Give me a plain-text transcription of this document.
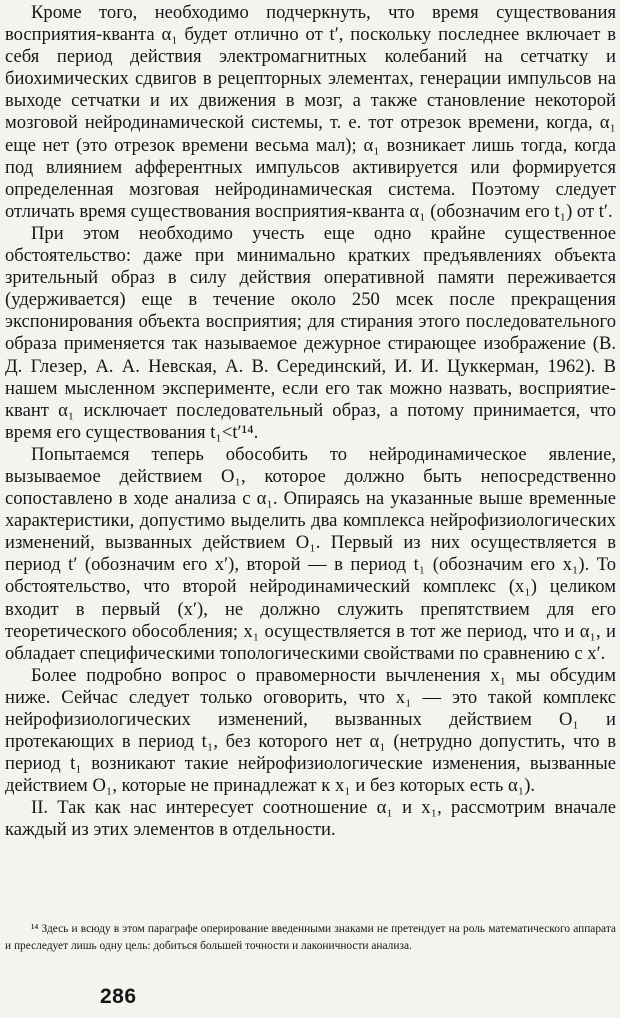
Кроме того, необходимо подчеркнуть, что время существования восприятия-кванта α₁ будет отлично от t′, поскольку последнее включает в себя период действия электромагнитных колебаний на сетчатку и биохимических сдвигов в рецепторных элементах, генерации импульсов на выходе сетчатки и их движения в мозг, а также становление некоторой мозговой нейродинамической системы, т. е. тот отрезок времени, когда, α₁ еще нет (это отрезок времени весьма мал); α₁ возникает лишь тогда, когда под влиянием афферентных импульсов активируется или формируется определенная мозговая нейродинамическая система. Поэтому следует отличать время существования восприятия-кванта α₁ (обозначим его t₁) от t′.

При этом необходимо учесть еще одно крайне существенное обстоятельство: даже при минимально кратких предъявлениях объекта зрительный образ в силу действия оперативной памяти переживается (удерживается) еще в течение около 250 мсек после прекращения экспонирования объекта восприятия; для стирания этого последовательного образа применяется так называемое дежурное стирающее изображение (В. Д. Глезер, А. А. Невская, А. В. Серединский, И. И. Цуккерман, 1962). В нашем мысленном эксперименте, если его так можно назвать, восприятие-квант α₁ исключает последовательный образ, а потому принимается, что время его существования t₁<t′¹⁴.

Попытаемся теперь обособить то нейродинамическое явление, вызываемое действием O₁, которое должно быть непосредственно сопоставлено в ходе анализа с α₁. Опираясь на указанные выше временные характеристики, допустимо выделить два комплекса нейрофизиологических изменений, вызванных действием O₁. Первый из них осуществляется в период t′ (обозначим его x′), второй — в период t₁ (обозначим его x₁). То обстоятельство, что второй нейродинамический комплекс (x₁) целиком входит в первый (x′), не должно служить препятствием для его теоретического обособления; x₁ осуществляется в тот же период, что и α₁, и обладает специфическими топологическими свойствами по сравнению с x′.

Более подробно вопрос о правомерности вычленения x₁ мы обсудим ниже. Сейчас следует только оговорить, что x₁ — это такой комплекс нейрофизиологических изменений, вызванных действием O₁ и протекающих в период t₁, без которого нет α₁ (нетрудно допустить, что в период t₁ возникают такие нейрофизиологические изменения, вызванные действием O₁, которые не принадлежат к x₁ и без которых есть α₁).

II. Так как нас интересует соотношение α₁ и x₁, рассмотрим вначале каждый из этих элементов в отдельности.

¹⁴ Здесь и всюду в этом параграфе оперирование введенными знаками не претендует на роль математического аппарата и преследует лишь одну цель: добиться большей точности и лаконичности анализа.
286
